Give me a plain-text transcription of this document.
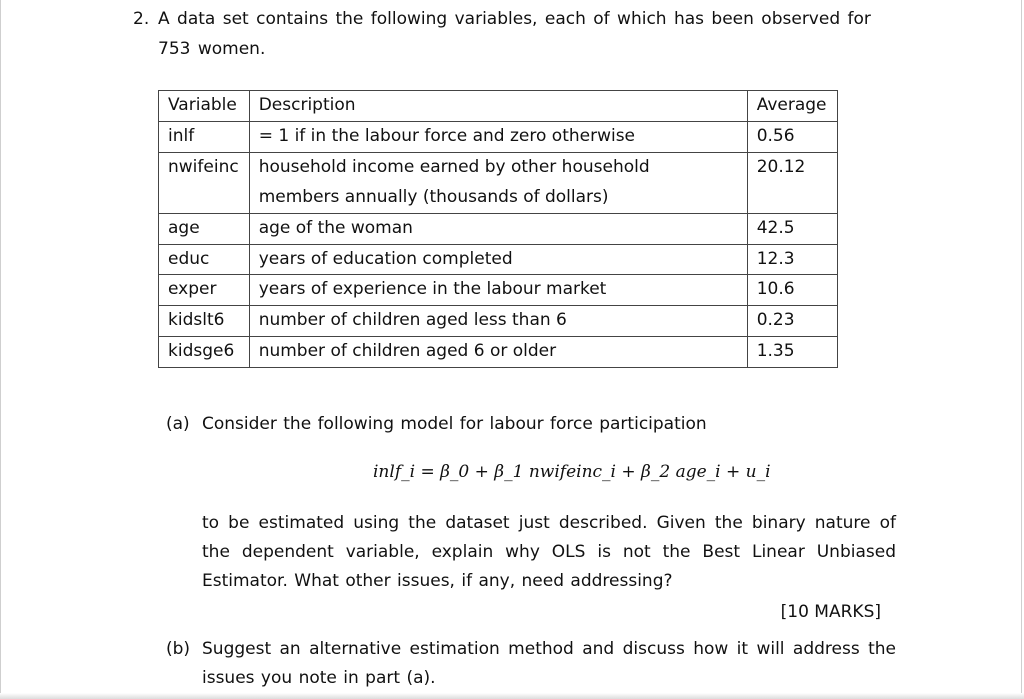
2. A data set contains the following variables, each of which has been observed for 753 women.
Variable	Description	Average
inlf	= 1 if in the labour force and zero otherwise	0.56
nwifeinc	household income earned by other household
members annually (thousands of dollars)	20.12
age	age of the woman	42.5
educ	years of education completed	12.3
exper	years of experience in the labour market	10.6
kidslt6	number of children aged less than 6	0.23
kidsge6	number of children aged 6 or older	1.35
(a) Consider the following model for labour force participation
inlf_i = β_0 + β_1 nwifeinc_i + β_2 age_i + u_i
to be estimated using the dataset just described. Given the binary nature of the dependent variable, explain why OLS is not the Best Linear Unbiased Estimator. What other issues, if any, need addressing?
[10 MARKS]
(b) Suggest an alternative estimation method and discuss how it will address the issues you note in part (a).
